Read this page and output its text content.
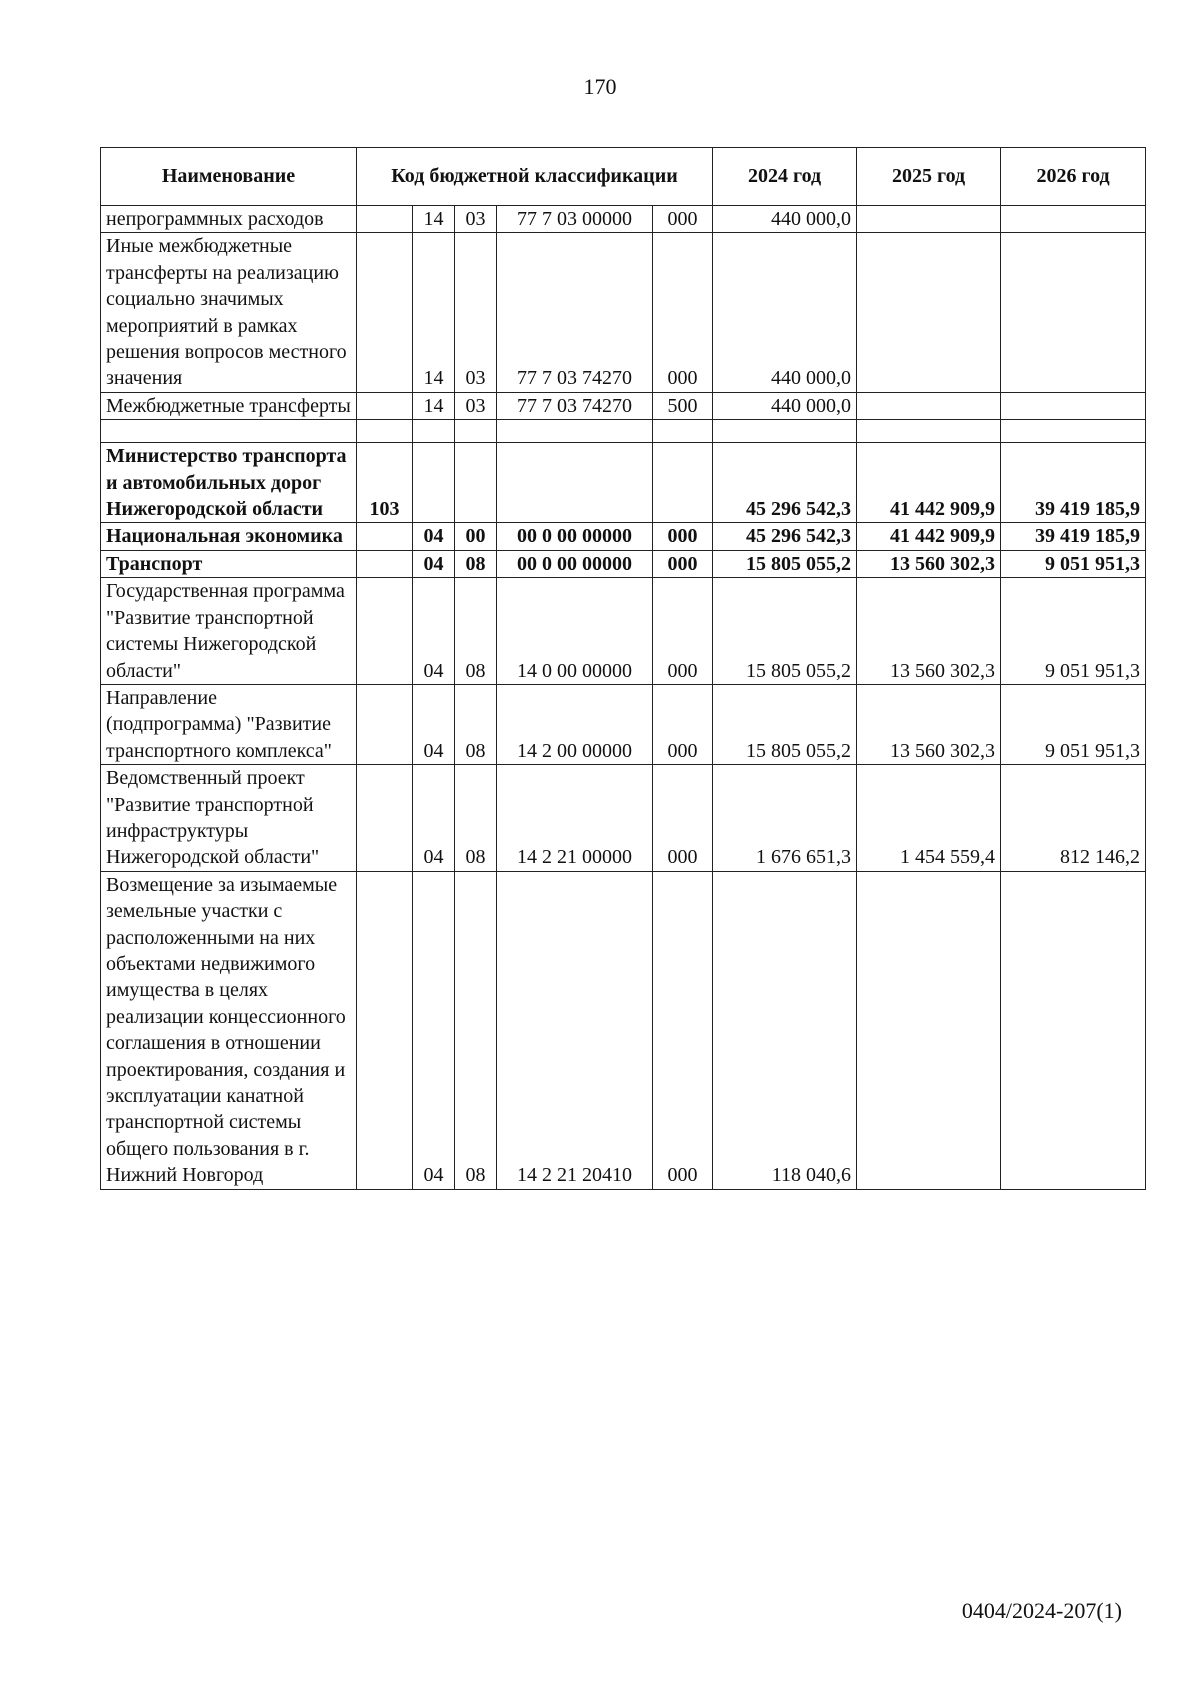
170
Наименование	Код бюджетной классификации					2024 год	2025 год	2026 год
непрограммных расходов		14	03	77 7 03 00000	000	440 000,0		
Иные межбюджетные трансферты на реализацию социально значимых мероприятий в рамках решения вопросов местного значения		14	03	77 7 03 74270	000	440 000,0		
Межбюджетные трансферты		14	03	77 7 03 74270	500	440 000,0		

Министерство транспорта и автомобильных дорог Нижегородской области	103					45 296 542,3	41 442 909,9	39 419 185,9
Национальная экономика		04	00	00 0 00 00000	000	45 296 542,3	41 442 909,9	39 419 185,9
Транспорт		04	08	00 0 00 00000	000	15 805 055,2	13 560 302,3	9 051 951,3
Государственная программа "Развитие транспортной системы Нижегородской области"		04	08	14 0 00 00000	000	15 805 055,2	13 560 302,3	9 051 951,3
Направление (подпрограмма) "Развитие транспортного комплекса"		04	08	14 2 00 00000	000	15 805 055,2	13 560 302,3	9 051 951,3
Ведомственный проект "Развитие транспортной инфраструктуры Нижегородской области"		04	08	14 2 21 00000	000	1 676 651,3	1 454 559,4	812 146,2
Возмещение за изымаемые земельные участки с расположенными на них объектами недвижимого имущества в целях реализации концессионного соглашения в отношении проектирования, создания и эксплуатации канатной транспортной системы общего пользования в г. Нижний Новгород		04	08	14 2 21 20410	000	118 040,6		
0404/2024-207(1)
